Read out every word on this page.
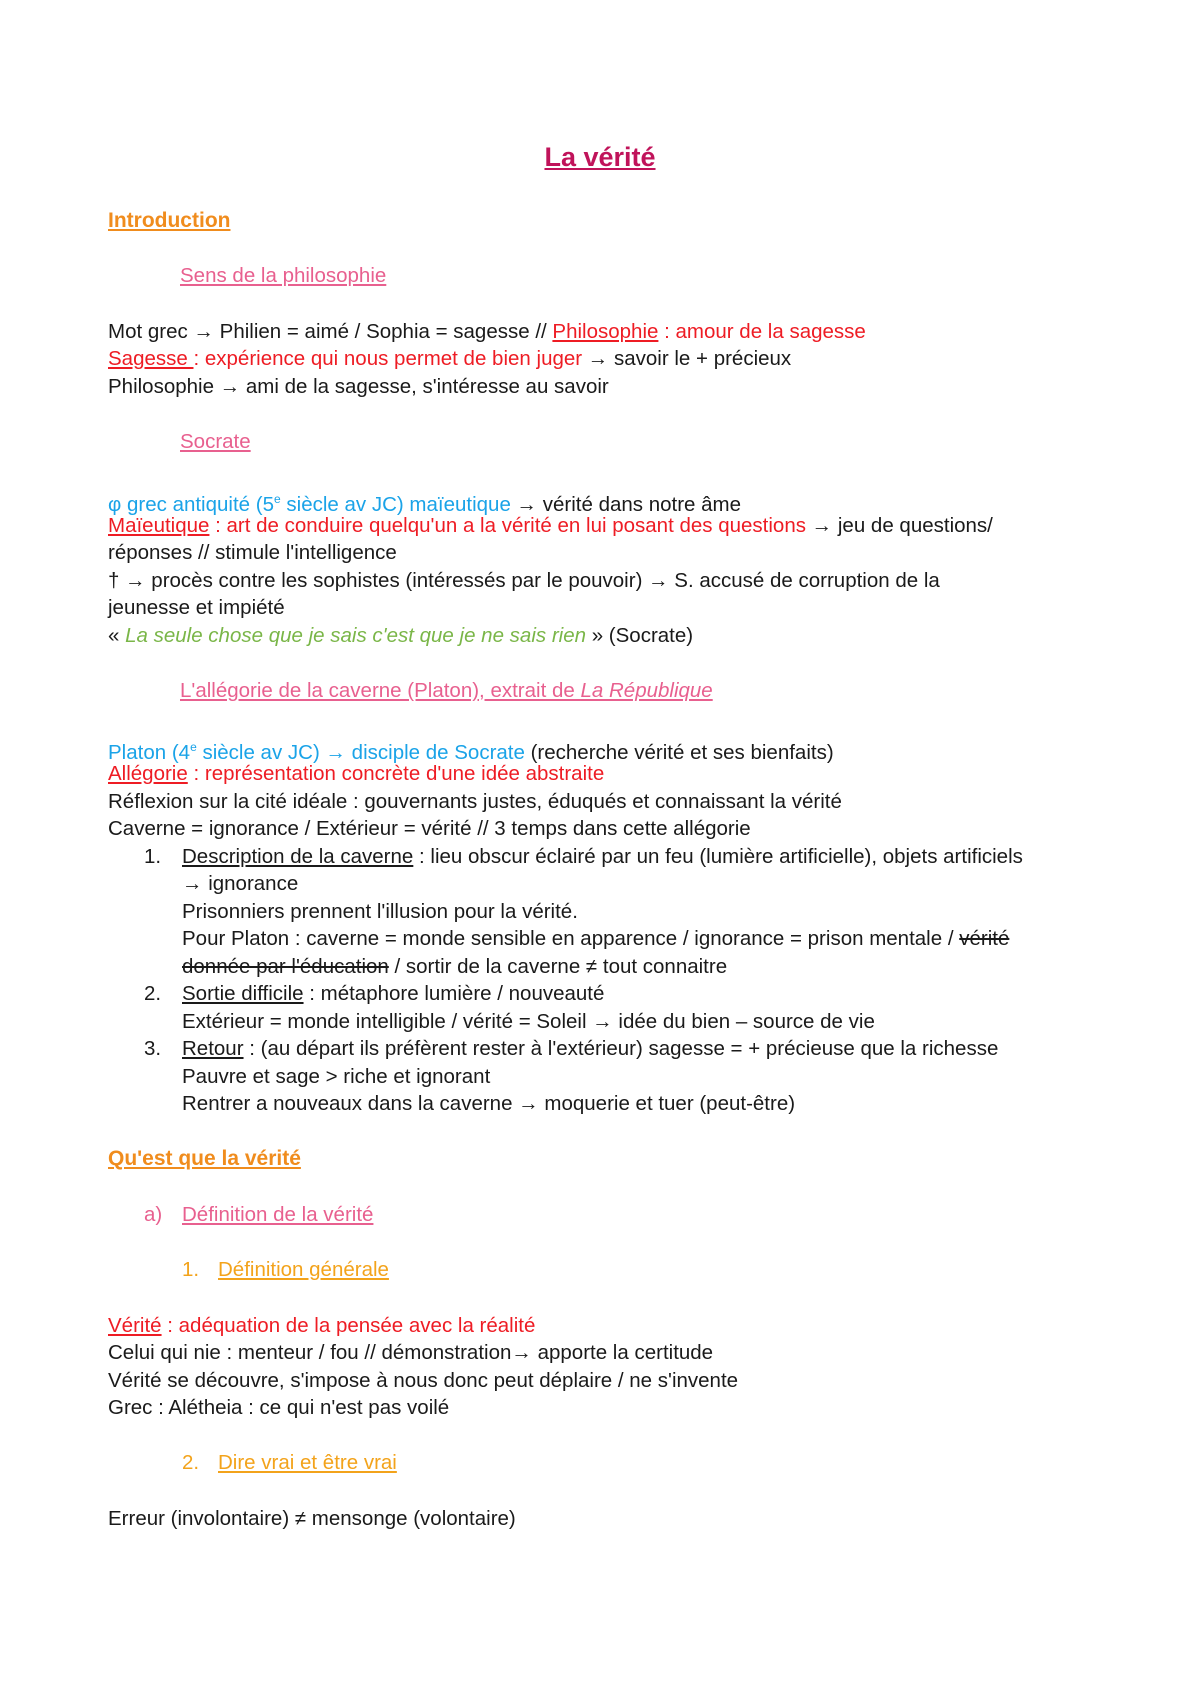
La vérité
Introduction
Sens de la philosophie
Mot grec → Philien = aimé / Sophia = sagesse // Philosophie : amour de la sagesse
Sagesse : expérience qui nous permet de bien juger → savoir le + précieux
Philosophie → ami de la sagesse, s'intéresse au savoir
Socrate
φ grec antiquité (5e siècle av JC) maïeutique → vérité dans notre âme
Maïeutique : art de conduire quelqu'un a la vérité en lui posant des questions → jeu de questions/
réponses // stimule l'intelligence
† → procès contre les sophistes (intéressés par le pouvoir) → S. accusé de corruption de la
jeunesse et impiété
« La seule chose que je sais c'est que je ne sais rien » (Socrate)
L'allégorie de la caverne (Platon), extrait de La République
Platon (4e siècle av JC) → disciple de Socrate (recherche vérité et ses bienfaits)
Allégorie : représentation concrète d'une idée abstraite
Réflexion sur la cité idéale : gouvernants justes, éduqués et connaissant la vérité
Caverne = ignorance / Extérieur = vérité // 3 temps dans cette allégorie
1. Description de la caverne : lieu obscur éclairé par un feu (lumière artificielle), objets artificiels
→ ignorance
Prisonniers prennent l'illusion pour la vérité.
Pour Platon : caverne = monde sensible en apparence / ignorance = prison mentale / vérité
donnée par l'éducation / sortir de la caverne ≠ tout connaitre
2. Sortie difficile : métaphore lumière / nouveauté
Extérieur = monde intelligible / vérité = Soleil → idée du bien – source de vie
3. Retour : (au départ ils préfèrent rester à l'extérieur) sagesse = + précieuse que la richesse
Pauvre et sage > riche et ignorant
Rentrer a nouveaux dans la caverne → moquerie et tuer (peut-être)
Qu'est que la vérité
a) Définition de la vérité
1. Définition générale
Vérité : adéquation de la pensée avec la réalité
Celui qui nie : menteur / fou // démonstration→ apporte la certitude
Vérité se découvre, s'impose à nous donc peut déplaire / ne s'invente
Grec : Alétheia : ce qui n'est pas voilé
2. Dire vrai et être vrai
Erreur (involontaire) ≠ mensonge (volontaire)
